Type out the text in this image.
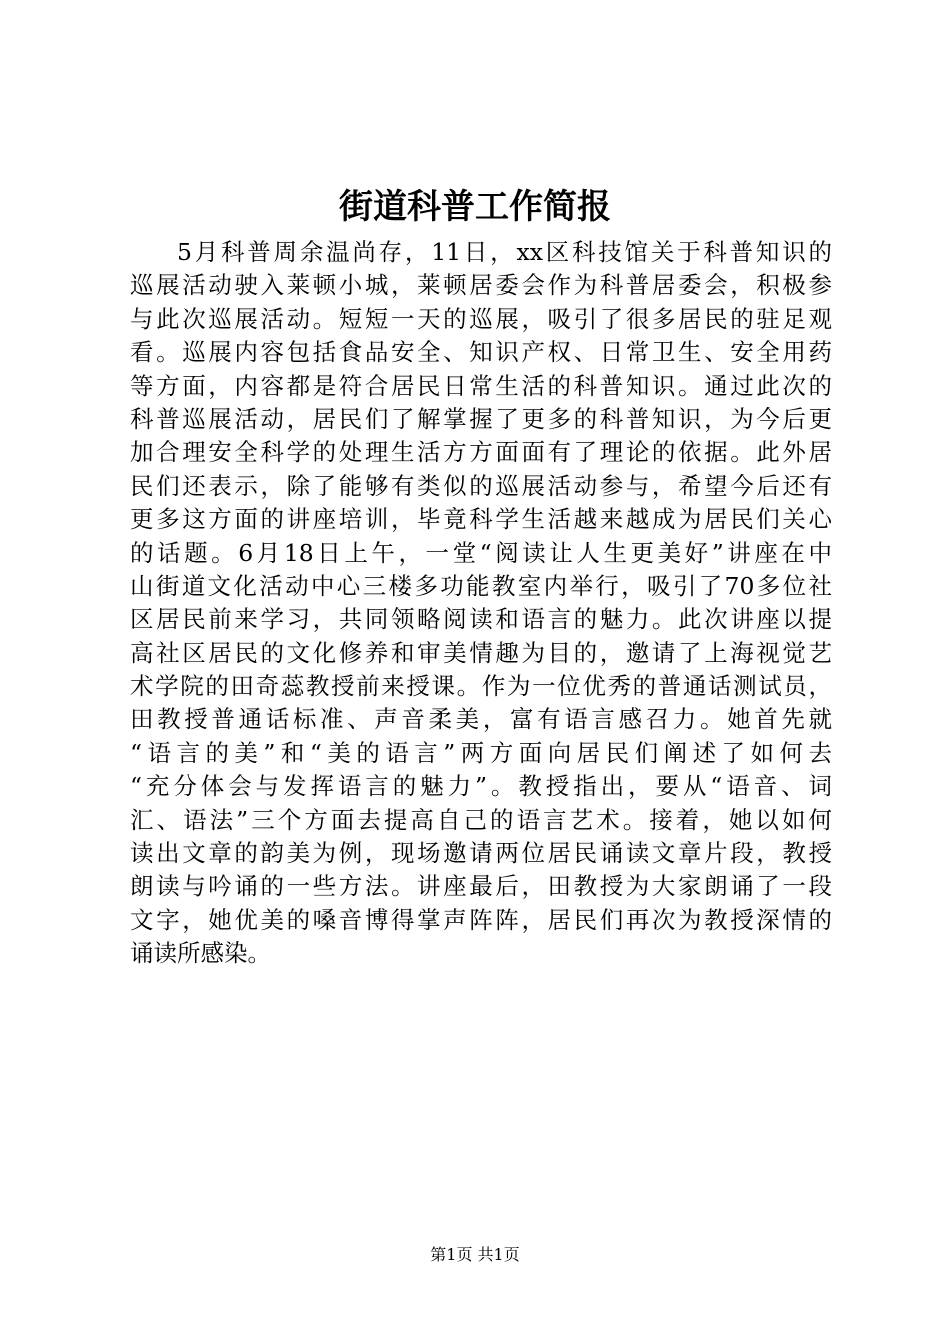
街道科普工作简报
5月科普周余温尚存，11日，xx区科技馆关于科普知识的
巡展活动驶入莱顿小城，莱顿居委会作为科普居委会，积极参
与此次巡展活动。短短一天的巡展，吸引了很多居民的驻足观
看。巡展内容包括食品安全、知识产权、日常卫生、安全用药
等方面，内容都是符合居民日常生活的科普知识。通过此次的
科普巡展活动，居民们了解掌握了更多的科普知识，为今后更
加合理安全科学的处理生活方方面面有了理论的依据。此外居
民们还表示，除了能够有类似的巡展活动参与，希望今后还有
更多这方面的讲座培训，毕竟科学生活越来越成为居民们关心
的话题。6月18日上午，一堂“阅读让人生更美好”讲座在中
山街道文化活动中心三楼多功能教室内举行，吸引了70多位社
区居民前来学习，共同领略阅读和语言的魅力。此次讲座以提
高社区居民的文化修养和审美情趣为目的，邀请了上海视觉艺
术学院的田奇蕊教授前来授课。作为一位优秀的普通话测试员，
田教授普通话标准、声音柔美，富有语言感召力。她首先就
“语言的美”和“美的语言”两方面向居民们阐述了如何去
“充分体会与发挥语言的魅力”。教授指出，要从“语音、词
汇、语法”三个方面去提高自己的语言艺术。接着，她以如何
读出文章的韵美为例，现场邀请两位居民诵读文章片段，教授
朗读与吟诵的一些方法。讲座最后，田教授为大家朗诵了一段
文字，她优美的嗓音博得掌声阵阵，居民们再次为教授深情的
诵读所感染。
第1页 共1页
